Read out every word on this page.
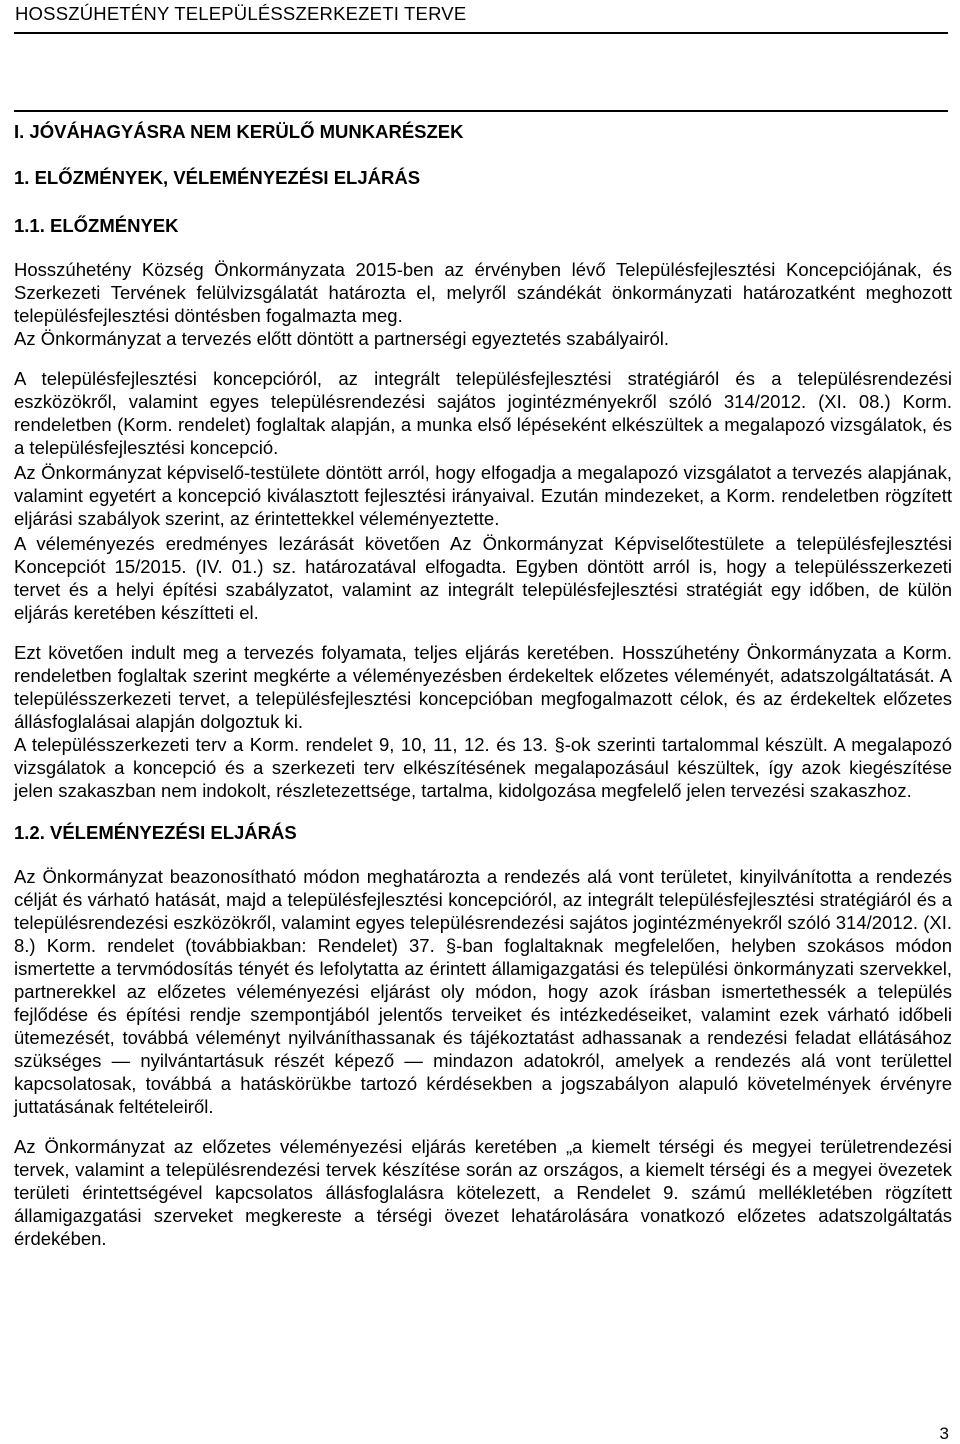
HOSSZÚHETÉNY TELEPÜLÉSSZERKEZETI TERVE
I. JÓVÁHAGYÁSRA NEM KERÜLŐ MUNKARÉSZEK
1. ELŐZMÉNYEK, VÉLEMÉNYEZÉSI ELJÁRÁS
1.1. ELŐZMÉNYEK

Hosszúhetény Község Önkormányzata 2015-ben az érvényben lévő Településfejlesztési Koncepciójának, és Szerkezeti Tervének felülvizsgálatát határozta el, melyről szándékát önkormányzati határozatként meghozott településfejlesztési döntésben fogalmazta meg.

Az Önkormányzat a tervezés előtt döntött a partnerségi egyeztetés szabályairól.

A településfejlesztési koncepcióról, az integrált településfejlesztési stratégiáról és a településrendezési eszközökről, valamint egyes településrendezési sajátos jogintézményekről szóló 314/2012. (XI. 08.) Korm. rendeletben (Korm. rendelet) foglaltak alapján, a munka első lépéseként elkészültek a megalapozó vizsgálatok, és a településfejlesztési koncepció.

Az Önkormányzat képviselő-testülete döntött arról, hogy elfogadja a megalapozó vizsgálatot a tervezés alapjának, valamint egyetért a koncepció kiválasztott fejlesztési irányaival. Ezután mindezeket, a Korm. rendeletben rögzített eljárási szabályok szerint, az érintettekkel véleményeztette.

A véleményezés eredményes lezárását követően Az Önkormányzat Képviselőtestülete a településfejlesztési Koncepciót 15/2015. (IV. 01.) sz. határozatával elfogadta. Egyben döntött arról is, hogy a településszerkezeti tervet és a helyi építési szabályzatot, valamint az integrált településfejlesztési stratégiát egy időben, de külön eljárás keretében készítteti el.

Ezt követően indult meg a tervezés folyamata, teljes eljárás keretében. Hosszúhetény Önkormányzata a Korm. rendeletben foglaltak szerint megkérte a véleményezésben érdekeltek előzetes véleményét, adatszolgáltatását. A településszerkezeti tervet, a településfejlesztési koncepcióban megfogalmazott célok, és az érdekeltek előzetes állásfoglalásai alapján dolgoztuk ki.

A településszerkezeti terv a Korm. rendelet 9, 10, 11, 12. és 13. §-ok szerinti tartalommal készült. A megalapozó vizsgálatok a koncepció és a szerkezeti terv elkészítésének megalapozásául készültek, így azok kiegészítése jelen szakaszban nem indokolt, részletezettsége, tartalma, kidolgozása megfelelő jelen tervezési szakaszhoz.

1.2. VÉLEMÉNYEZÉSI ELJÁRÁS

Az Önkormányzat beazonosítható módon meghatározta a rendezés alá vont területet, kinyilvánította a rendezés célját és várható hatását, majd a településfejlesztési koncepcióról, az integrált településfejlesztési stratégiáról és a településrendezési eszközökről, valamint egyes településrendezési sajátos jogintézményekről szóló 314/2012. (XI. 8.) Korm. rendelet (továbbiakban: Rendelet) 37. §-ban foglaltaknak megfelelően, helyben szokásos módon ismertette a tervmódosítás tényét és lefolytatta az érintett államigazgatási és települési önkormányzati szervekkel, partnerekkel az előzetes véleményezési eljárást oly módon, hogy azok írásban ismertethessék a település fejlődése és építési rendje szempontjából jelentős terveiket és intézkedéseiket, valamint ezek várható időbeli ütemezését, továbbá véleményt nyilváníthassanak és tájékoztatást adhassanak a rendezési feladat ellátásához szükséges — nyilvántartásuk részét képező — mindazon adatokról, amelyek a rendezés alá vont területtel kapcsolatosak, továbbá a hatáskörükbe tartozó kérdésekben a jogszabályon alapuló követelmények érvényre juttatásának feltételeiről.

Az Önkormányzat az előzetes véleményezési eljárás keretében „a kiemelt térségi és megyei területrendezési tervek, valamint a településrendezési tervek készítése során az országos, a kiemelt térségi és a megyei övezetek területi érintettségével kapcsolatos állásfoglalásra kötelezett, a Rendelet 9. számú mellékletében rögzített államigazgatási szerveket megkereste a térségi övezet lehatárolására vonatkozó előzetes adatszolgáltatás érdekében.

3
